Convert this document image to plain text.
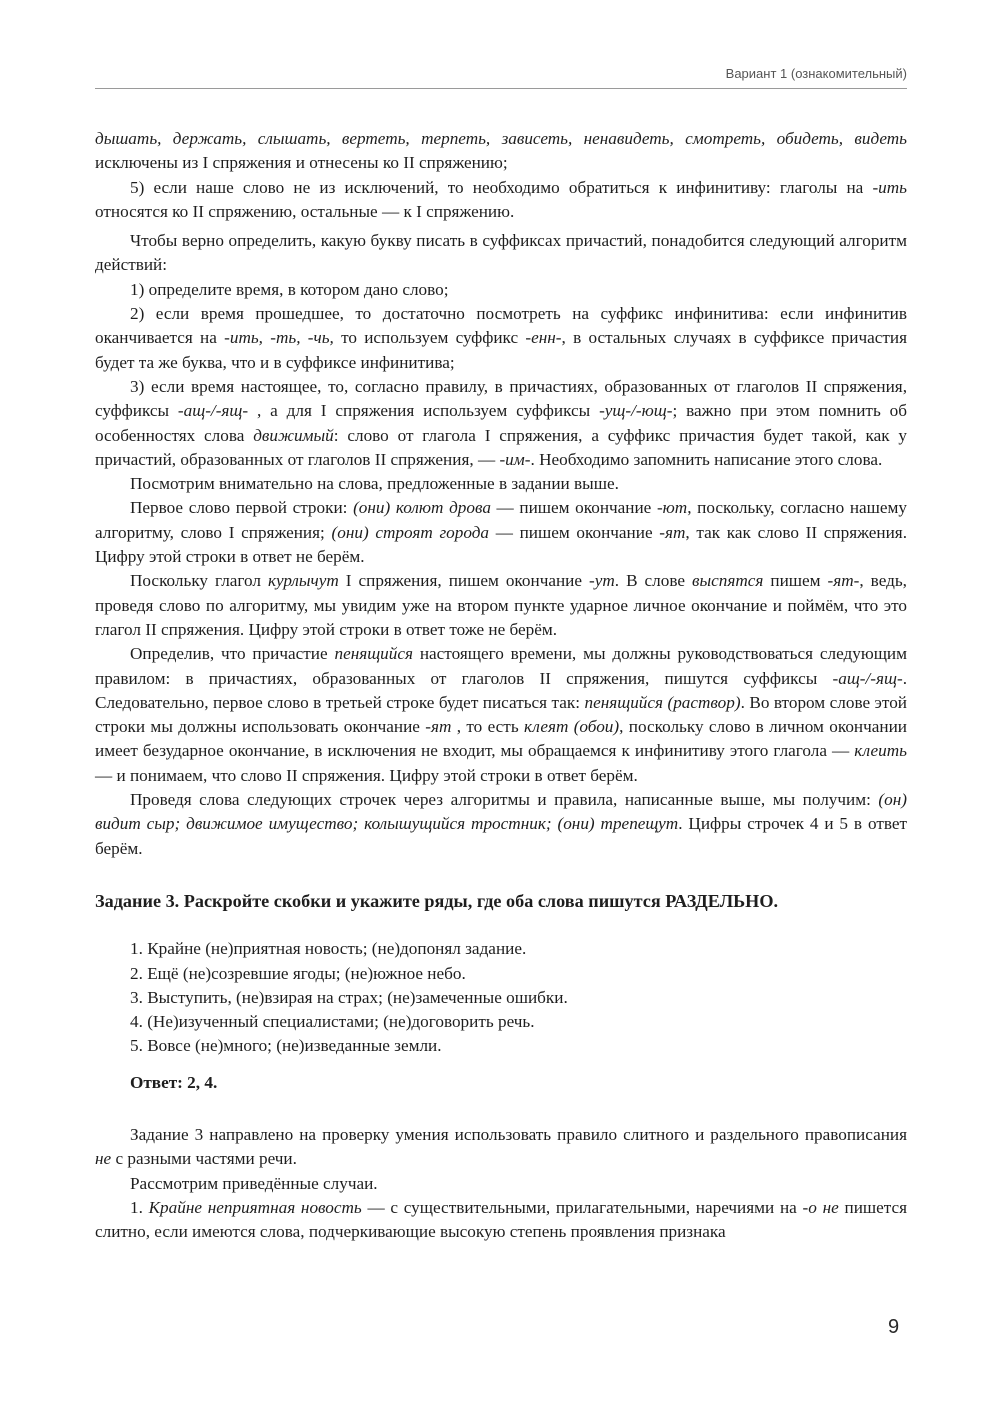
Вариант 1 (ознакомительный)

дышать, держать, слышать, вертеть, терпеть, зависеть, ненавидеть, смотреть, обидеть, видеть исключены из I спряжения и отнесены ко II спряжению;

5) если наше слово не из исключений, то необходимо обратиться к инфинитиву: глаголы на -ить относятся ко II спряжению, остальные — к I спряжению.

Чтобы верно определить, какую букву писать в суффиксах причастий, понадобится следующий алгоритм действий:

1) определите время, в котором дано слово;

2) если время прошедшее, то достаточно посмотреть на суффикс инфинитива: если инфинитив оканчивается на -ить, -ть, -чь, то используем суффикс -енн-, в остальных случаях в суффиксе причастия будет та же буква, что и в суффиксе инфинитива;

3) если время настоящее, то, согласно правилу, в причастиях, образованных от глаголов II спряжения, суффиксы -ащ-/-ящ- , а для I спряжения используем суффиксы -ущ-/-ющ-; важно при этом помнить об особенностях слова движимый: слово от глагола I спряжения, а суффикс причастия будет такой, как у причастий, образованных от глаголов II спряжения, — -им-. Необходимо запомнить написание этого слова.

Посмотрим внимательно на слова, предложенные в задании выше.

Первое слово первой строки: (они) колют дрова — пишем окончание -ют, поскольку, согласно нашему алгоритму, слово I спряжения; (они) строят города — пишем окончание -ят, так как слово II спряжения. Цифру этой строки в ответ не берём.

Поскольку глагол курлычут I спряжения, пишем окончание -ут. В слове выспятся пишем -ят-, ведь, проведя слово по алгоритму, мы увидим уже на втором пункте ударное личное окончание и поймём, что это глагол II спряжения. Цифру этой строки в ответ тоже не берём.

Определив, что причастие пенящийся настоящего времени, мы должны руководствоваться следующим правилом: в причастиях, образованных от глаголов II спряжения, пишутся суффиксы -ащ-/-ящ-. Следовательно, первое слово в третьей строке будет писаться так: пенящийся (раствор). Во втором слове этой строки мы должны использовать окончание -ят , то есть клеят (обои), поскольку слово в личном окончании имеет безударное окончание, в исключения не входит, мы обращаемся к инфинитиву этого глагола — клеить — и понимаем, что слово II спряжения. Цифру этой строки в ответ берём.

Проведя слова следующих строчек через алгоритмы и правила, написанные выше, мы получим: (он) видит сыр; движимое имущество; колышущийся тростник; (они) трепещут. Цифры строчек 4 и 5 в ответ берём.

Задание 3. Раскройте скобки и укажите ряды, где оба слова пишутся РАЗДЕЛЬНО.

1. Крайне (не)приятная новость; (не)допонял задание.
2. Ещё (не)созревшие ягоды; (не)южное небо.
3. Выступить, (не)взирая на страх; (не)замеченные ошибки.
4. (Не)изученный специалистами; (не)договорить речь.
5. Вовсе (не)много; (не)изведанные земли.

Ответ: 2, 4.

Задание 3 направлено на проверку умения использовать правило слитного и раздельного правописания не с разными частями речи.

Рассмотрим приведённые случаи.

1. Крайне неприятная новость — с существительными, прилагательными, наречиями на -о не пишется слитно, если имеются слова, подчеркивающие высокую степень проявления признака

9
